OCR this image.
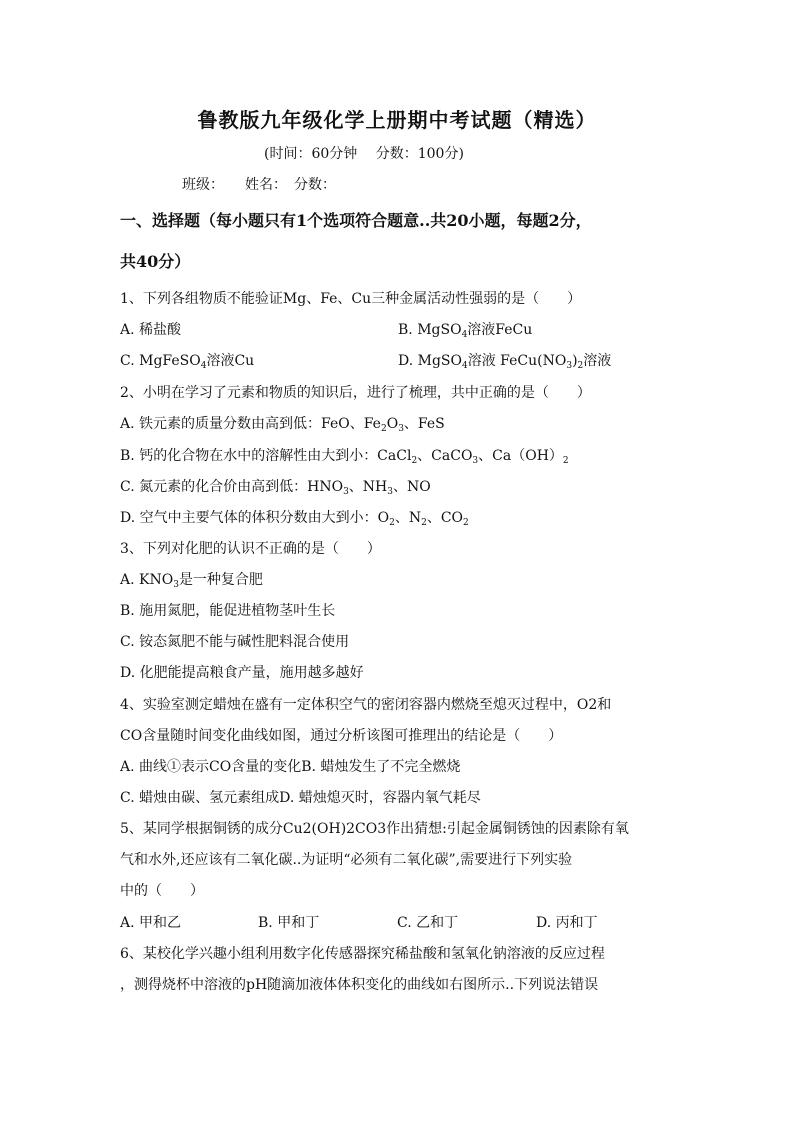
鲁教版九年级化学上册期中考试题（精选）
(时间：60分钟　 分数：100分)
班级：　　姓名：　分数：
一、选择题（每小题只有1个选项符合题意..共20小题，每题2分，
共40分）
1、下列各组物质不能验证Mg、Fe、Cu三种金属活动性强弱的是（　　）
A. 稀盐酸	B. MgSO$_4$溶液FeCu
C. MgFeSO$_4$溶液Cu	D. MgSO$_4$溶液 $FeCu(NO_3)_2$溶液
2、小明在学习了元素和物质的知识后，进行了梳理，共中正确的是（　　）
A. 铁元素的质量分数由高到低：FeO、$Fe_2O_3$、FeS
B. 钙的化合物在水中的溶解性由大到小：CaCl$_2$、CaCO$_3$、$Ca(OH)_2$
C. 氮元素的化合价由高到低：$HNO_3$、$NH_3$、NO
D. 空气中主要气体的体积分数由大到小：$O_2$、$N_2$、$CO_2$
3、下列对化肥的认识不正确的是（　　）
A. $KNO_3$是一种复合肥
B. 施用氮肥，能促进植物茎叶生长
C. 铵态氮肥不能与碱性肥料混合使用
D. 化肥能提高粮食产量，施用越多越好
4、实验室测定蜡烛在盛有一定体积空气的密闭容器内燃烧至熄灭过程中，O2和
CO含量随时间变化曲线如图，通过分析该图可推理出的结论是（　　）
A. 曲线①表示CO含量的变化B. 蜡烛发生了不完全燃烧
C. 蜡烛由碳、氢元素组成D. 蜡烛熄灭时，容器内氧气耗尽
5、某同学根据铜锈的成分Cu2(OH)2CO3作出猜想:引起金属铜锈蚀的因素除有氧
气和水外,还应该有二氧化碳..为证明“必须有二氧化碳”,需要进行下列实验
中的（　　）
A. 甲和乙	B. 甲和丁	C. 乙和丁	D. 丙和丁
6、某校化学兴趣小组利用数字化传感器探究稀盐酸和氢氧化钠溶液的反应过程
，测得烧杯中溶液的pH随滴加液体体积变化的曲线如右图所示..下列说法错误
